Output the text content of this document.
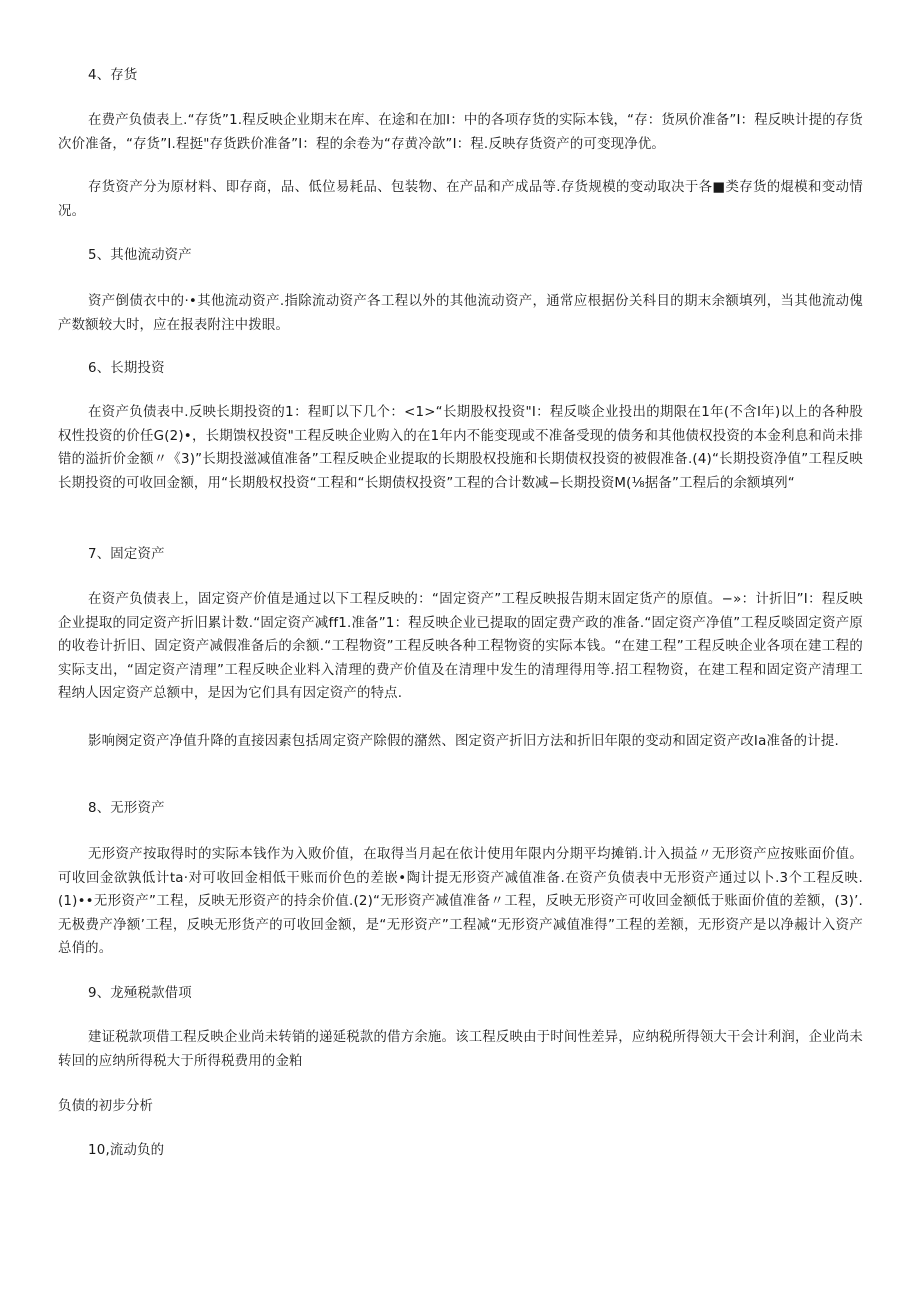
4、存货

在费产负债表上.“存货”1.程反映企业期末在库、在途和在加I：中的各项存货的实际本钱，“存：货夙价准备”I：程反映计提的存货次价准备，“存货”I.程挺"存货跌价准备”I：程的余卷为“存黄冷歆”I：程.反映存货资产的可变现净优。

存货资产分为原材料、即存商，品、低位易耗品、包装物、在产品和产成品等.存货规模的变动取决于各■类存货的焜模和变动情况。

5、其他流动资产

资产倒债衣中的·•其他流动资产.指除流动资产各工程以外的其他流动资产，通常应根据份关科目的期末余额填列，当其他流动傀产数额较大时，应在报表附注中拨眼。

6、长期投资

在资产负债表中.反映长期投资的1：程町以下几个：<1>“长期股权投资"I：程反啖企业投出的期限在1年(不含I年)以上的各种股权性投资的价任G(2)•，长期馈权投资"工程反映企业购入的在1年内不能变现或不准备受现的债务和其他债权投资的本金利息和尚未排错的溢折价金额〃《3)”长期投滋减值准备”工程反映企业提取的长期股权投施和长期债权投资的被假准备.(4)“长期投资净值”工程反映长期投资的可收回金额，用“长期般权投资“工程和“长期债权投资”工程的合计数减−长期投资M(⅛据备”工程后的余额填列“

7、固定资产

在资产负债表上，固定资产价值是通过以下工程反映的：“固定资产”工程反映报告期末固定货产的原值。−»：计折旧”I：程反映企业提取的同定资产折旧累计数.“固定资产减ff1.准备”1：程反映企业已提取的固定费产政的准备.“固定资产净值”工程反啖固定资产原的收卷计折旧、固定资产减假准备后的余额.“工程物资”工程反映各种工程物资的实际本钱。“在建工程”工程反映企业各项在建工程的实际支出，“固定资产清理”工程反映企业料入清理的费产价值及在清理中发生的清理得用等.招工程物资，在建工程和固定资产清理工程纳人因定资产总额中，是因为它们具有因定资产的特点.

影响阕定资产净值升降的直接因素包括周定资产除假的潴然、图定资产折旧方法和折旧年限的变动和固定资产改Ia准备的计提.

8、无形资产

无形资产按取得时的实际本钱作为入败价值，在取得当月起在依计使用年限内分期平均摊销.计入损益〃无形资产应按账面价值。可收回金欲孰低计ta·对可收回金相低干账而价色的差嵌•陶计提无形资产减值准备.在资产负债表中无形资产通过以卜.3个工程反映.(1)••无形资产”工程，反映无形资产的持余价值.(2)“无形资产减值准备〃工程，反映无形资产可收回金额低于账面价值的差额，(3)’.无极费产净额’工程，反映无形货产的可收回金额，是“无形资产”工程减“无形资产减值准得”工程的差额，无形资产是以净赧计入资产总俏的。

9、龙殛税款借项

建证税款项借工程反映企业尚未转销的递延税款的借方余施。该工程反映由于时间性差异，应纳税所得领大干会计利润，企业尚未转回的应纳所得税大于所得税费用的金粕

负债的初步分析

10,流动负的
